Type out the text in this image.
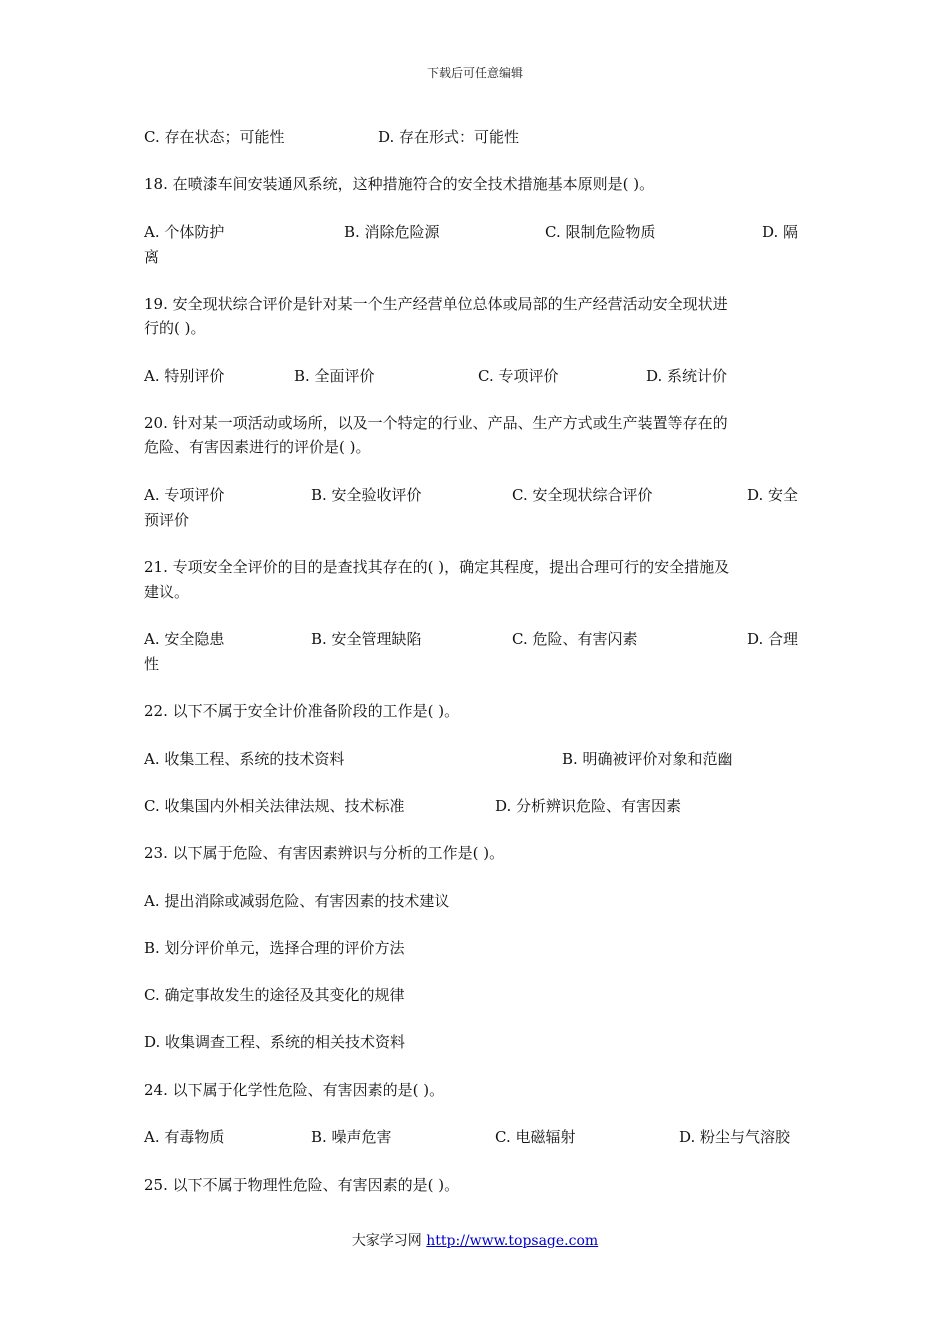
下载后可任意编辑
C. 存在状态；可能性	D. 存在形式：可能性
18. 在喷漆车间安装通风系统，这种措施符合的安全技术措施基本原则是( )。
A. 个体防护	B. 消除危险源	C. 限制危险物质	D. 隔
离
19. 安全现状综合评价是针对某一个生产经营单位总体或局部的生产经营活动安全现状进
行的( )。
A. 特别评价	B. 全面评价	C. 专项评价	D. 系统计价
20. 针对某一项活动或场所，以及一个特定的行业、产品、生产方式或生产装置等存在的
危险、有害因素进行的评价是( )。
A. 专项评价	B. 安全验收评价	C. 安全现状综合评价	D. 安全
预评价
21. 专项安全全评价的目的是查找其存在的( )，确定其程度，提出合理可行的安全措施及
建议。
A. 安全隐患	B. 安全管理缺陷	C. 危险、有害闪素	D. 合理
性
22. 以下不属于安全计价准备阶段的工作是( )。
A. 收集工程、系统的技术资料	B. 明确被评价对象和范幽
C. 收集国内外相关法律法规、技术标准	D. 分析辨识危险、有害因素
23. 以下属于危险、有害因素辨识与分析的工作是( )。
A. 提出消除或减弱危险、有害因素的技术建议
B. 划分评价单元，选择合理的评价方法
C. 确定事故发生的途径及其变化的规律
D. 收集调查工程、系统的相关技术资料
24. 以下属于化学性危险、有害因素的是( )。
A. 有毒物质	B. 噪声危害	C. 电磁辐射	D. 粉尘与气溶胶
25. 以下不属于物理性危险、有害因素的是( )。
大家学习网 http://www.topsage.com
